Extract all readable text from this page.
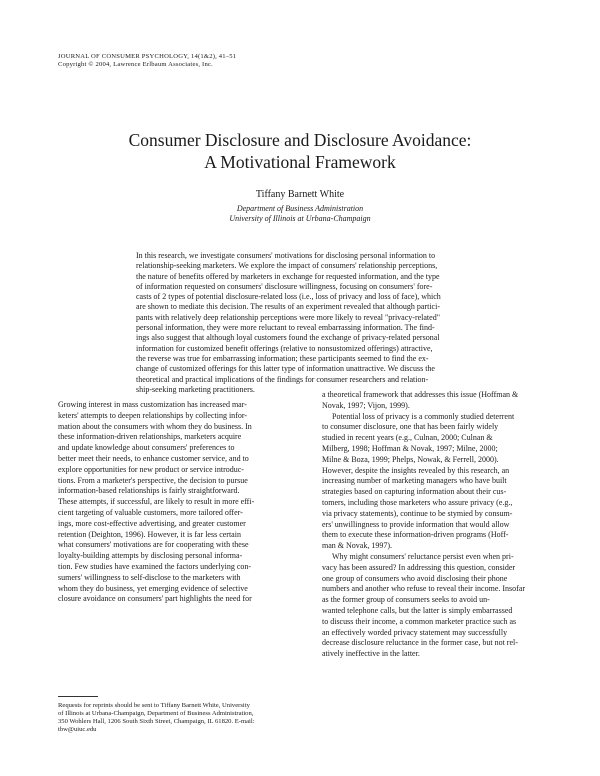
JOURNAL OF CONSUMER PSYCHOLOGY, 14(1&2), 41–51
Copyright © 2004, Lawrence Erlbaum Associates, Inc.
Consumer Disclosure and Disclosure Avoidance:
A Motivational Framework
Tiffany Barnett White
Department of Business Administration
University of Illinois at Urbana-Champaign
In this research, we investigate consumers' motivations for disclosing personal information to
relationship-seeking marketers. We explore the impact of consumers' relationship perceptions,
the nature of benefits offered by marketers in exchange for requested information, and the type
of information requested on consumers' disclosure willingness, focusing on consumers' fore-
casts of 2 types of potential disclosure-related loss (i.e., loss of privacy and loss of face), which
are shown to mediate this decision. The results of an experiment revealed that although partici-
pants with relatively deep relationship perceptions were more likely to reveal "privacy-related"
personal information, they were more reluctant to reveal embarrassing information. The find-
ings also suggest that although loyal customers found the exchange of privacy-related personal
information for customized benefit offerings (relative to nonsustomized offerings) attractive,
the reverse was true for embarrassing information; these participants seemed to find the ex-
change of customized offerings for this latter type of information unattractive. We discuss the
theoretical and practical implications of the findings for consumer researchers and relation-
ship-seeking marketing practitioners.
Growing interest in mass customization has increased mar-
keters' attempts to deepen relationships by collecting infor-
mation about the consumers with whom they do business. In
these information-driven relationships, marketers acquire
and update knowledge about consumers' preferences to
better meet their needs, to enhance customer service, and to
explore opportunities for new product or service introduc-
tions. From a marketer's perspective, the decision to pursue
information-based relationships is fairly straightforward.
These attempts, if successful, are likely to result in more effi-
cient targeting of valuable customers, more tailored offer-
ings, more cost-effective advertising, and greater customer
retention (Deighton, 1996). However, it is far less certain
what consumers' motivations are for cooperating with these
loyalty-building attempts by disclosing personal informa-
tion. Few studies have examined the factors underlying con-
sumers' willingness to self-disclose to the marketers with
whom they do business, yet emerging evidence of selective
closure avoidance on consumers' part highlights the need for
a theoretical framework that addresses this issue (Hoffman &
Novak, 1997; Vijon, 1999).
Potential loss of privacy is a commonly studied deterrent
to consumer disclosure, one that has been fairly widely
studied in recent years (e.g., Culnan, 2000; Culnan &
Milberg, 1998; Hoffman & Novak, 1997; Milne, 2000;
Milne & Boza, 1999; Phelps, Nowak, & Ferrell, 2000).
However, despite the insights revealed by this research, an
increasing number of marketing managers who have built
strategies based on capturing information about their cus-
tomers, including those marketers who assure privacy (e.g.,
via privacy statements), continue to be stymied by consum-
ers' unwillingness to provide information that would allow
them to execute these information-driven programs (Hoff-
man & Novak, 1997).
Why might consumers' reluctance persist even when pri-
vacy has been assured? In addressing this question, consider
one group of consumers who avoid disclosing their phone
numbers and another who refuse to reveal their income. Insofar
as the former group of consumers seeks to avoid un-
wanted telephone calls, but the latter is simply embarrassed
to discuss their income, a common marketer practice such as
an effectively worded privacy statement may successfully
decrease disclosure reluctance in the former case, but not rel-
atively ineffective in the latter.
Requests for reprints should be sent to Tiffany Barnett White, University
of Illinois at Urbana-Champaign, Department of Business Administration,
350 Wohlers Hall, 1206 South Sixth Street, Champaign, IL 61820. E-mail:
tbw@uiuc.edu
